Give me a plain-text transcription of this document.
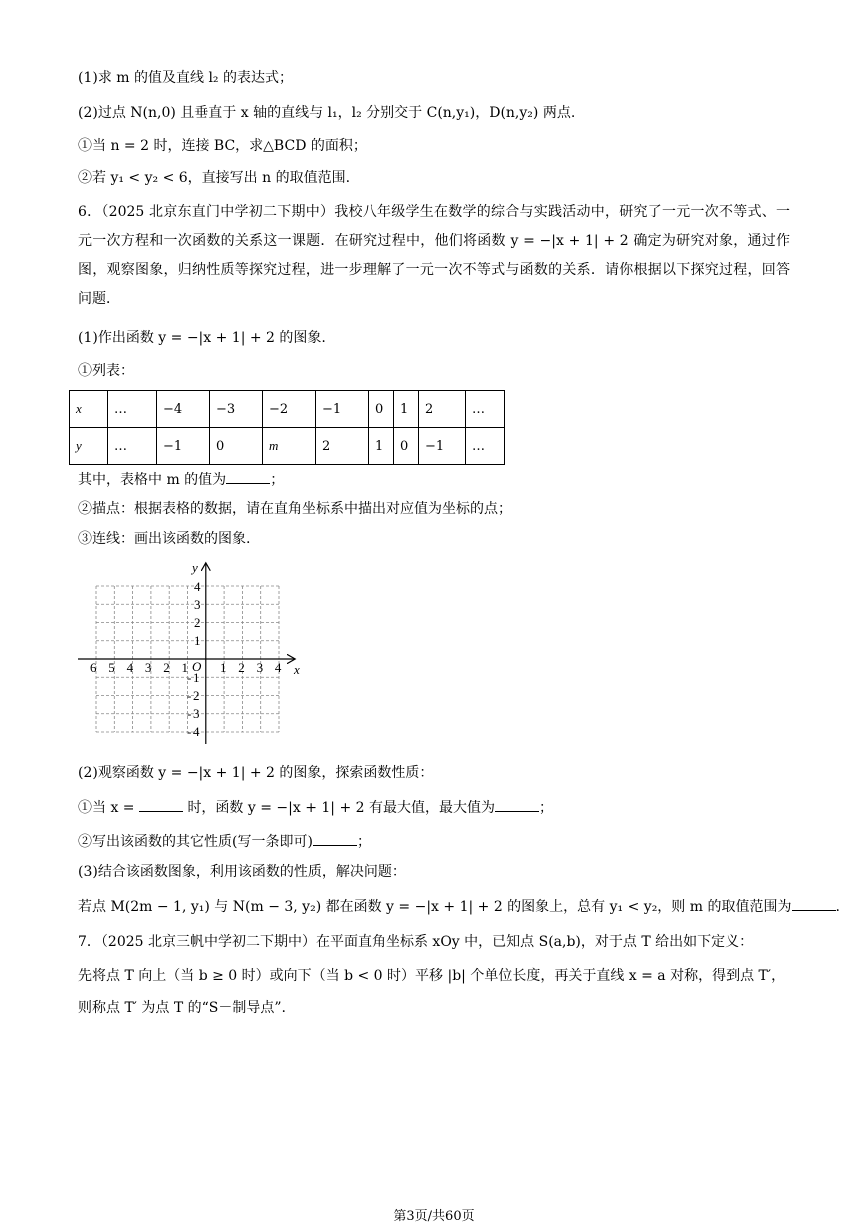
(1)求 m 的值及直线 l₂ 的表达式；
(2)过点 N(n,0) 且垂直于 x 轴的直线与 l₁，l₂ 分别交于 C(n,y₁)，D(n,y₂) 两点.
①当 n = 2 时，连接 BC，求△BCD 的面积；
②若 y₁ < y₂ < 6，直接写出 n 的取值范围.
6．（2025 北京东直门中学初二下期中）我校八年级学生在数学的综合与实践活动中，研究了一元一次不等式、一元一次方程和一次函数的关系这一课题．在研究过程中，他们将函数 y = −|x + 1| + 2 确定为研究对象，通过作图，观察图象，归纳性质等探究过程，进一步理解了一元一次不等式与函数的关系．请你根据以下探究过程，回答问题．
(1)作出函数 y = −|x + 1| + 2 的图象.
①列表：
x	…	−4	−3	−2	−1	0	1	2	…
y	…	−1	0	m	2	1	0	−1	…
其中，表格中 m 的值为	；
②描点：根据表格的数据，请在直角坐标系中描出对应值为坐标的点；
③连线：画出该函数的图象.
y
x
O
6 5 4 3 2 1 1 2 3 4
4
3
2
1
- 1
- 2
- 3
- 4
(2)观察函数 y = −|x + 1| + 2 的图象，探索函数性质：
①当 x =	时，函数 y = −|x + 1| + 2 有最大值，最大值为	；
②写出该函数的其它性质(写一条即可)	；
(3)结合该函数图象，利用该函数的性质，解决问题：
若点 M(2m − 1, y₁) 与 N(m − 3, y₂) 都在函数 y = −|x + 1| + 2 的图象上，总有 y₁ < y₂，则 m 的取值范围为	.
7．（2025 北京三帆中学初二下期中）在平面直角坐标系 xOy 中，已知点 S(a,b)，对于点 T 给出如下定义：
先将点 T 向上（当 b ≥ 0 时）或向下（当 b < 0 时）平移 |b| 个单位长度，再关于直线 x = a 对称，得到点 T′，
则称点 T′ 为点 T 的“S－制导点”.
第3页/共60页
